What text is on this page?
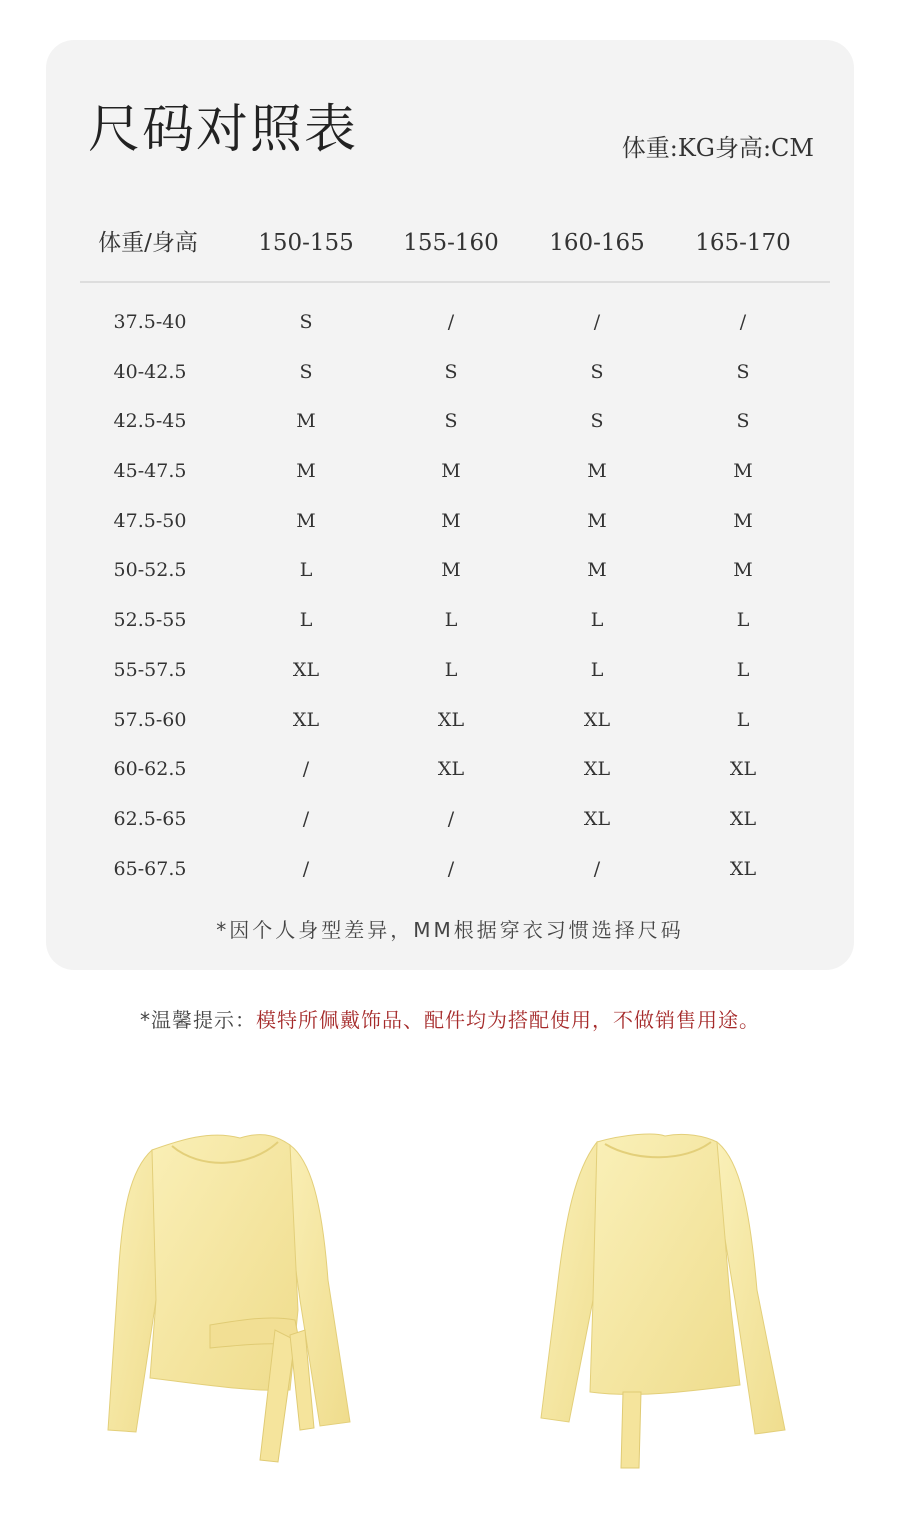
尺码对照表	体重:KG身高:CM
体重/身高	150-155 155-160 160-165 165-170
37.5-40	S	/	/	/
40-42.5	S	S	S	S
42.5-45	M	S	S	S
45-47.5	M	M	M	M
47.5-50	M	M	M	M
50-52.5	L	M	M	M
52.5-55	L	L	L	L
55-57.5	XL	L	L	L
57.5-60	XL	XL	XL	L
60-62.5	/	XL	XL	XL
62.5-65	/	/	XL	XL
65-67.5	/	/	/	XL
*因个人身型差异，MM根据穿衣习惯选择尺码
*温馨提示：模特所佩戴饰品、配件均为搭配使用，不做销售用途。
